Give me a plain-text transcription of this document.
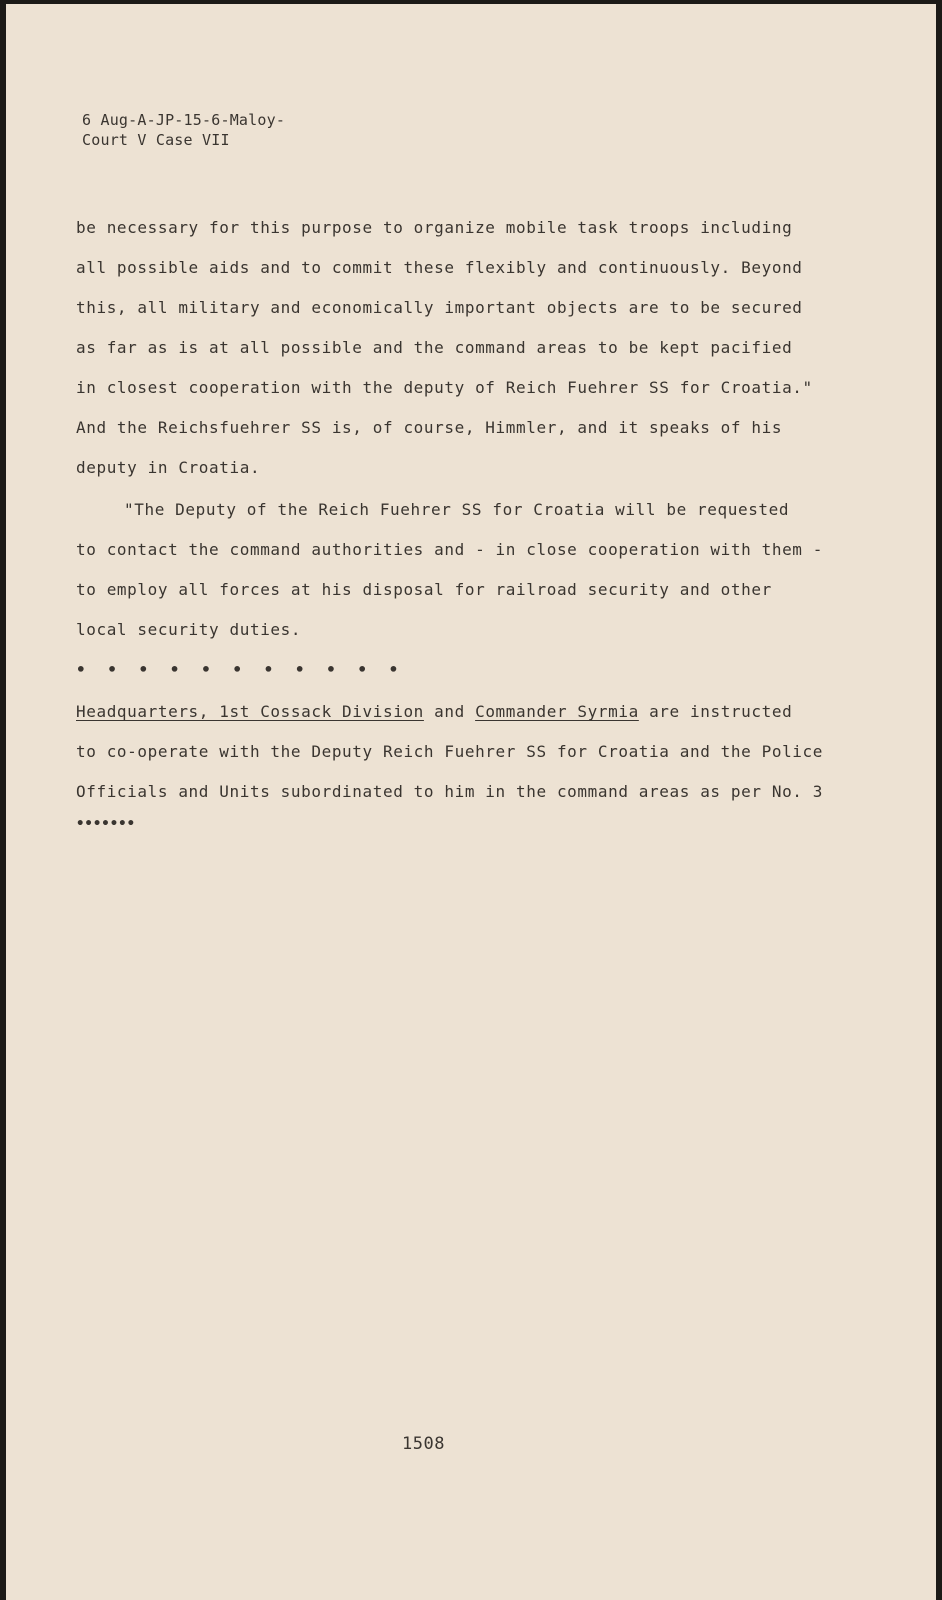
6 Aug-A-JP-15-6-Maloy-
Court V Case VII
be necessary for this purpose to organize mobile task troops including
all possible aids and to commit these flexibly and continuously. Beyond
this, all military and economically important objects are to be secured
as far as is at all possible and the command areas to be kept pacified
in closest cooperation with the deputy of Reich Fuehrer SS for Croatia."
And the Reichsfuehrer SS is, of course, Himmler, and it speaks of his
deputy in Croatia.
"The Deputy of the Reich Fuehrer SS for Croatia will be requested
to contact the command authorities and - in close cooperation with them -
to employ all forces at his disposal for railroad security and other
local security duties.
• • • • • • • • • • •
Headquarters, 1st Cossack Division and Commander Syrmia are instructed
to co-operate with the Deputy Reich Fuehrer SS for Croatia and the Police
Officials and Units subordinated to him in the command areas as per No. 3
•••••••
1508
